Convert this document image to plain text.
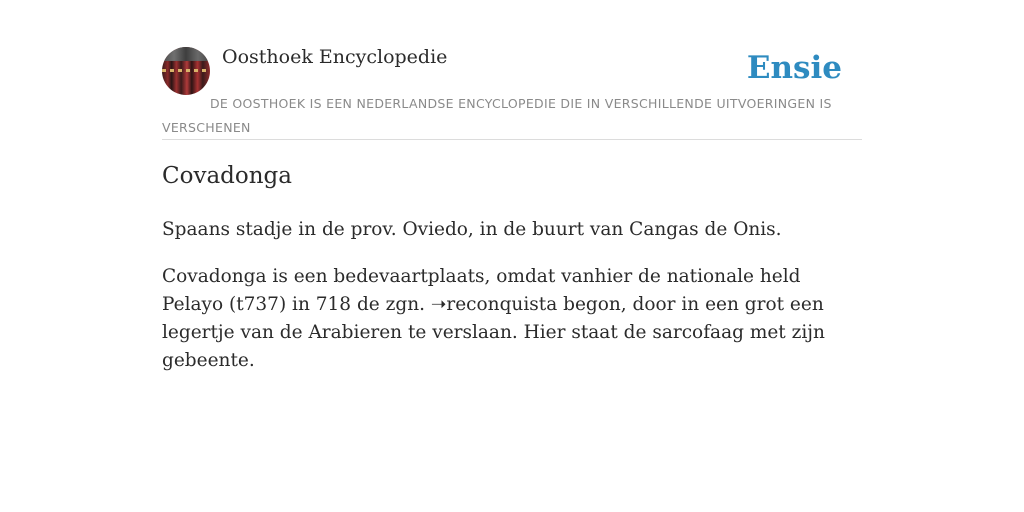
Oosthoek Encyclopedie	Ensie
DE OOSTHOEK IS EEN NEDERLANDSE ENCYCLOPEDIE DIE IN VERSCHILLENDE UITVOERINGEN IS VERSCHENEN
Covadonga

Spaans stadje in de prov. Oviedo, in de buurt van Cangas de Onis.

Covadonga is een bedevaartplaats, omdat vanhier de nationale held Pelayo (t737) in 718 de zgn. ➝reconquista begon, door in een grot een legertje van de Arabieren te verslaan. Hier staat de sarcofaag met zijn gebeente.
